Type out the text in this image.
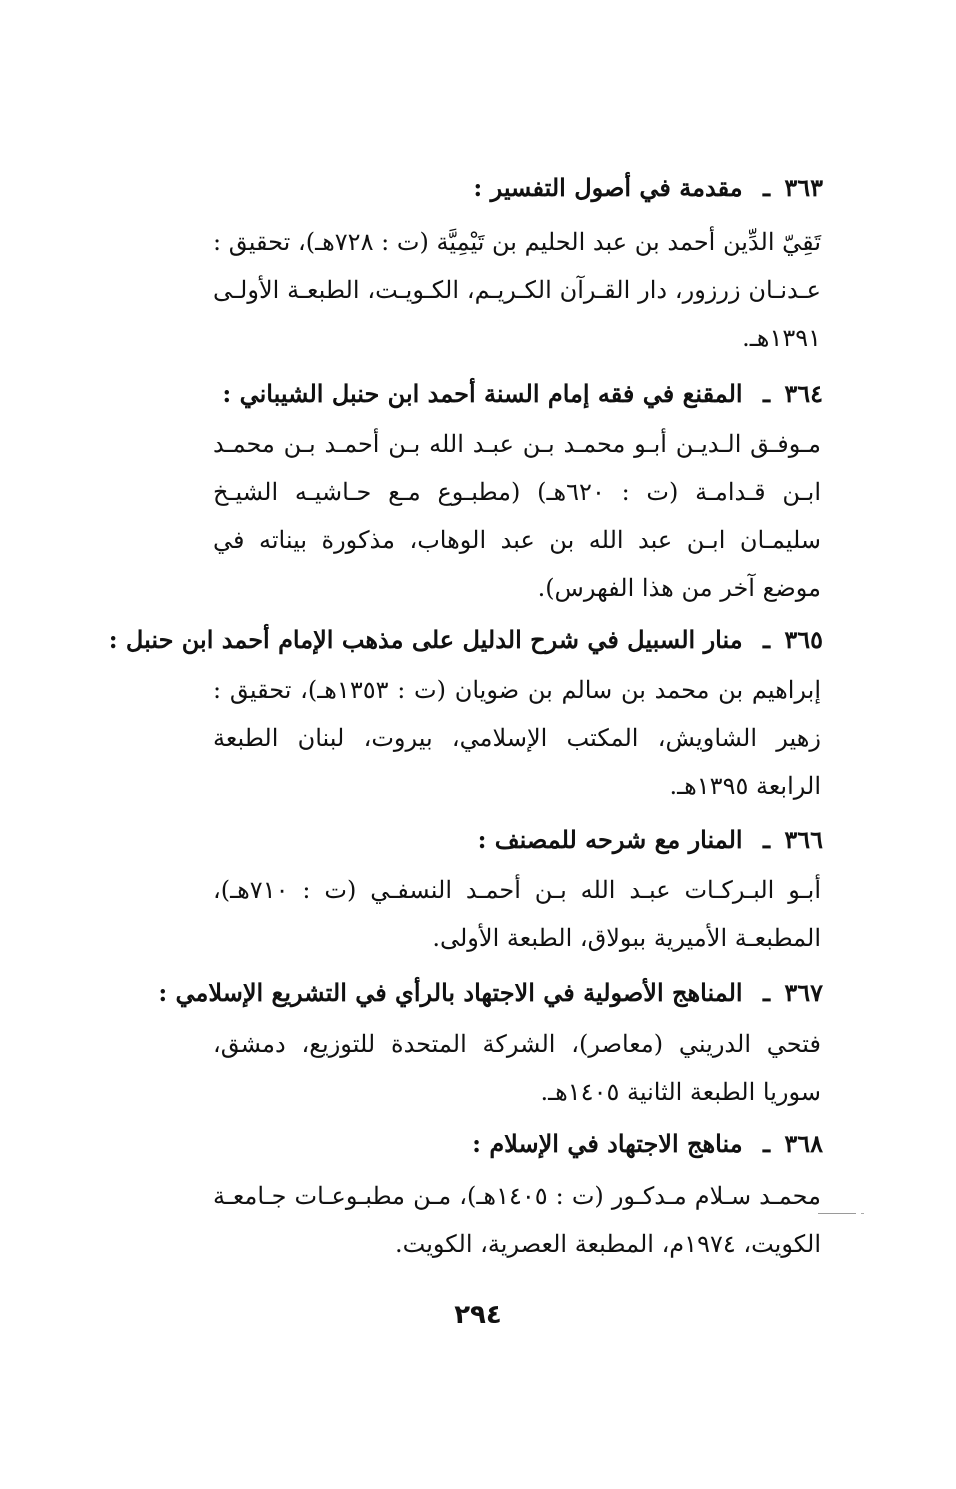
٣٦٣ ـ مقدمة في أصول التفسير :
تَقِيّ الدِّين أحمد بن عبد الحليم بن تَيْمِيَّة (ت : ٧٢٨هـ)، تحقيق : عـدنـان زرزور، دار القـرآن الكـريـم، الكـويـت، الطبعـة الأولـى ١٣٩١هـ.
٣٦٤ ـ المقنع في فقه إمام السنة أحمد ابن حنبل الشيباني :
مـوفـق الـديـن أبـو محمـد بـن عبـد الله بـن أحمـد بـن محمـد ابـن قـدامـة (ت : ٦٢٠هـ) (مطبـوع مـع حـاشيـه الشيـخ سليمـان ابـن عبد الله بن عبد الوهاب، مذكورة بيناته في موضع آخر من هذا الفهرس).
٣٦٥ ـ منار السبيل في شرح الدليل على مذهب الإمام أحمد ابن حنبل :
إبراهيم بن محمد بن سالم بن ضويان (ت : ١٣٥٣هـ)، تحقيق : زهير الشاويش، المكتب الإسلامي، بيروت، لبنان الطبعة الرابعة ١٣٩٥هـ.
٣٦٦ ـ المنار مع شرحه للمصنف :
أبـو البـركـات عبـد الله بـن أحمـد النسفـي (ت : ٧١٠هـ)، المطبعـة الأميرية ببولاق، الطبعة الأولى.
٣٦٧ ـ المناهج الأصولية في الاجتهاد بالرأي في التشريع الإسلامي :
فتحي الدريني (معاصر)، الشركة المتحدة للتوزيع، دمشق، سوريا الطبعة الثانية ١٤٠٥هـ.
٣٦٨ ـ مناهج الاجتهاد في الإسلام :
محمـد سـلام مـدكـور (ت : ١٤٠٥هـ)، مـن مطبـوعـات جـامعـة الكويت، ١٩٧٤م، المطبعة العصرية، الكويت.
٢٩٤
